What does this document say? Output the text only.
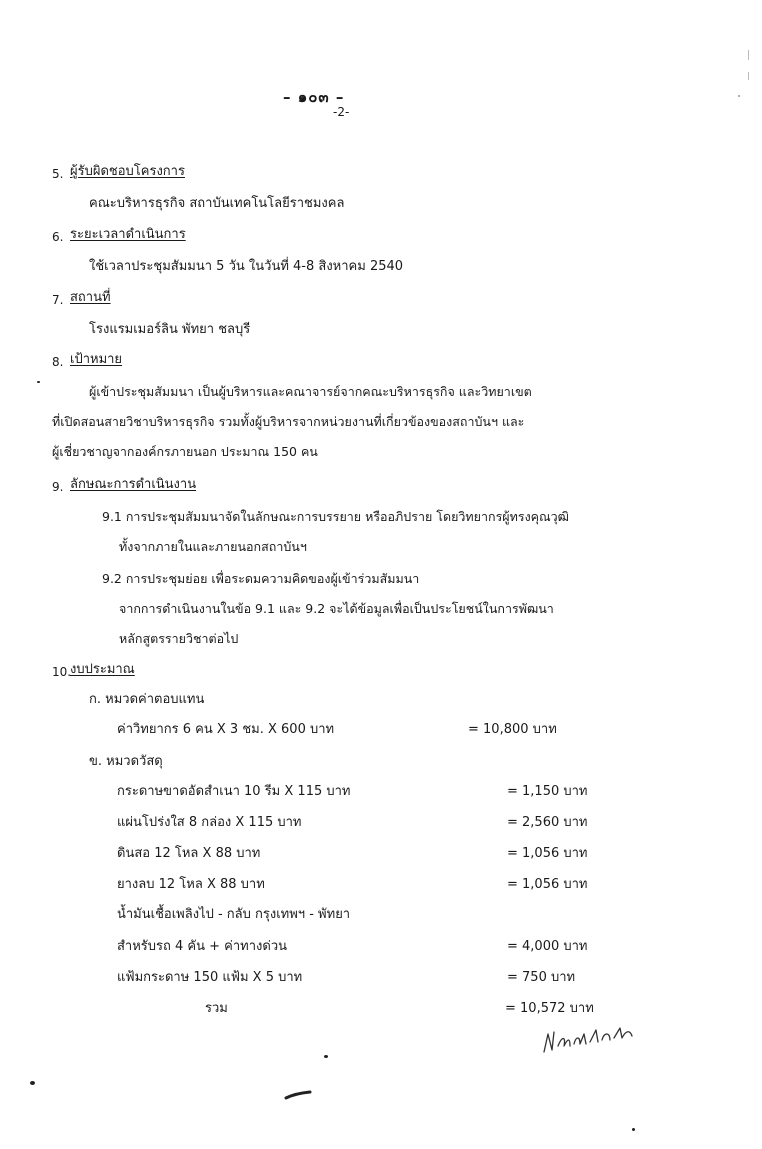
– ๑๐๓ –
-2-
5. ผู้รับผิดชอบโครงการ
คณะบริหารธุรกิจ สถาบันเทคโนโลยีราชมงคล
6. ระยะเวลาดำเนินการ
ใช้เวลาประชุมสัมมนา 5 วัน ในวันที่ 4-8 สิงหาคม 2540
7. สถานที่
โรงแรมเมอร์ลิน พัทยา ชลบุรี
8. เป้าหมาย
ผู้เข้าประชุมสัมมนา เป็นผู้บริหารและคณาจารย์จากคณะบริหารธุรกิจ และวิทยาเขต
ที่เปิดสอนสายวิชาบริหารธุรกิจ รวมทั้งผู้บริหารจากหน่วยงานที่เกี่ยวข้องของสถาบันฯ และ
ผู้เชี่ยวชาญจากองค์กรภายนอก ประมาณ 150 คน
9. ลักษณะการดำเนินงาน
9.1 การประชุมสัมมนาจัดในลักษณะการบรรยาย หรืออภิปราย โดยวิทยากรผู้ทรงคุณวุฒิ
ทั้งจากภายในและภายนอกสถาบันฯ
9.2 การประชุมย่อย เพื่อระดมความคิดของผู้เข้าร่วมสัมมนา
จากการดำเนินงานในข้อ 9.1 และ 9.2 จะได้ข้อมูลเพื่อเป็นประโยชน์ในการพัฒนา
หลักสูตรรายวิชาต่อไป
10.
งบประมาณ
ก. หมวดค่าตอบแทน
ค่าวิทยากร 6 คน X 3 ชม. X 600 บาท	= 10,800 บาท
ข. หมวดวัสดุ
กระดาษขาดอัดสำเนา 10 รีม X 115 บาท	= 1,150 บาท
แผ่นโปร่งใส 8 กล่อง X 115 บาท	= 2,560 บาท
ดินสอ 12 โหล X 88 บาท	= 1,056 บาท
ยางลบ 12 โหล X 88 บาท	= 1,056 บาท
น้ำมันเชื้อเพลิงไป - กลับ กรุงเทพฯ - พัทยา
สำหรับรถ 4 คัน + ค่าทางด่วน	= 4,000 บาท
แฟ้มกระดาษ 150 แฟ้ม X 5 บาท	= 750 บาท
รวม	= 10,572 บาท
